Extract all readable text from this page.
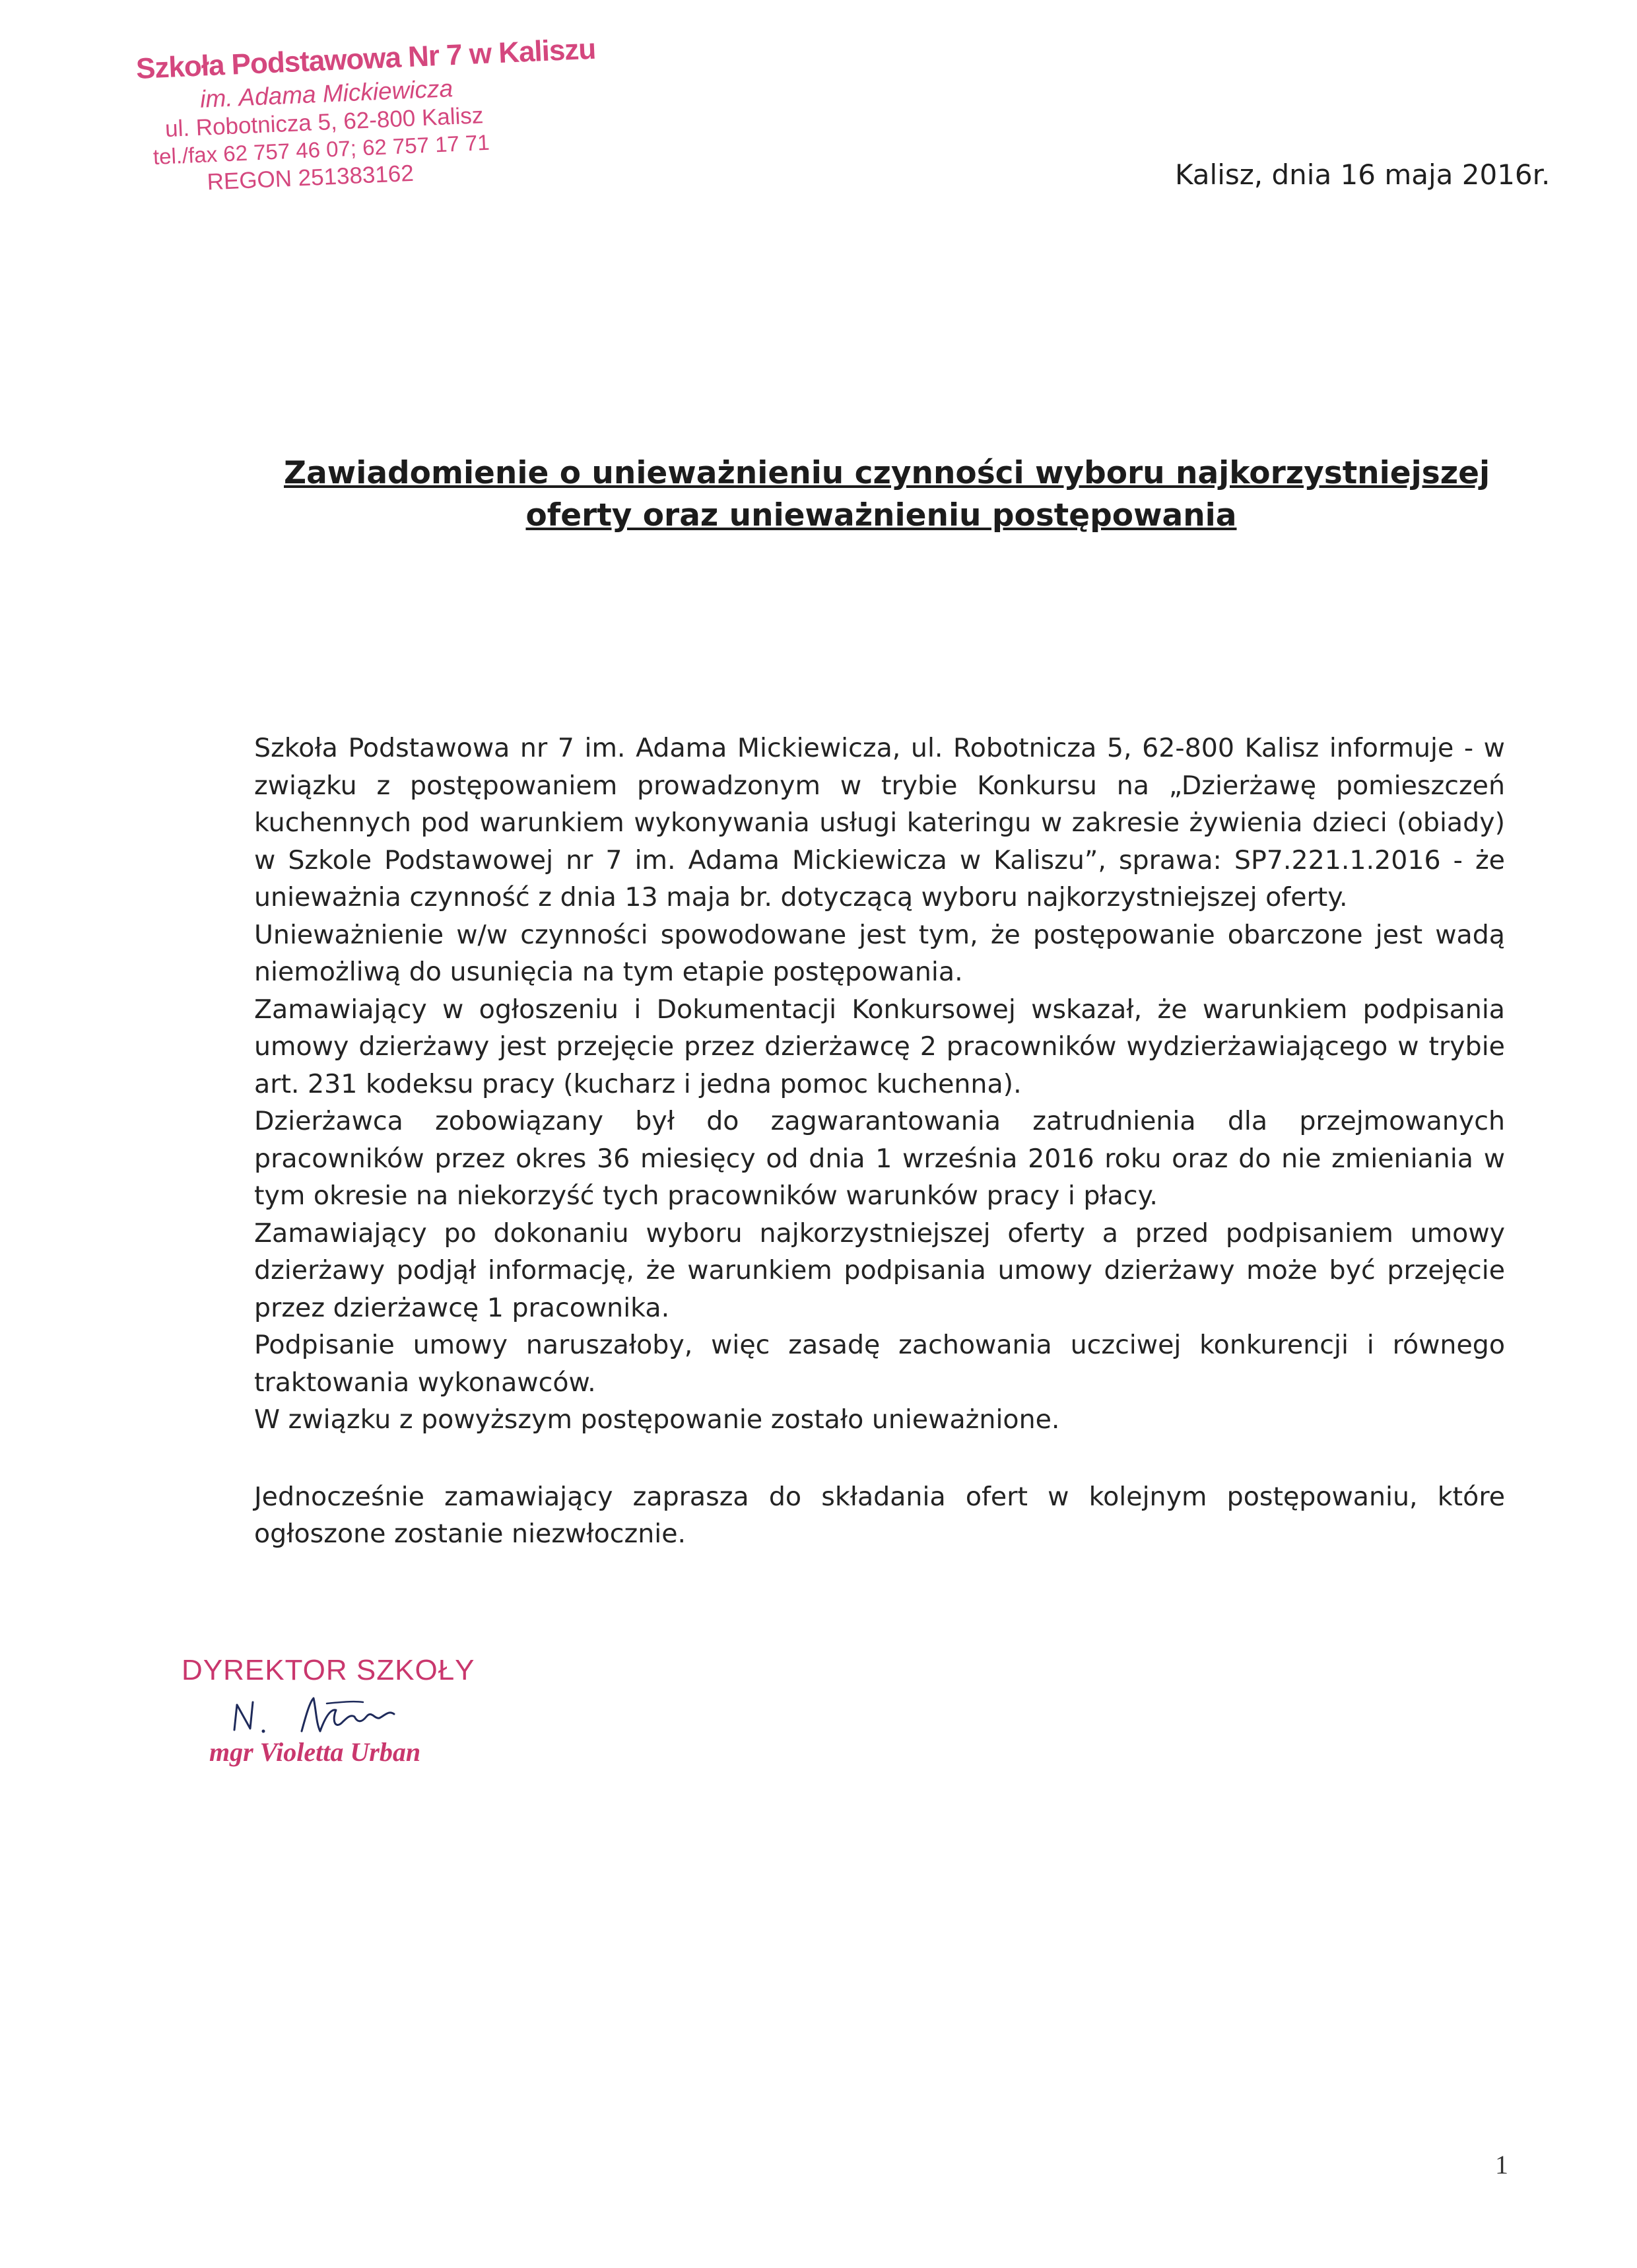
Szkoła Podstawowa Nr 7 w Kaliszu
im. Adama Mickiewicza
ul. Robotnicza 5, 62-800 Kalisz
tel./fax 62 757 46 07; 62 757 17 71
REGON 251383162	Kalisz, dnia 16 maja 2016r.
Zawiadomienie o unieważnieniu czynności wyboru najkorzystniejszej
oferty oraz unieważnieniu postępowania

Szkoła Podstawowa nr 7 im. Adama Mickiewicza, ul. Robotnicza 5, 62-800 Kalisz informuje - w związku z postępowaniem prowadzonym w trybie Konkursu na „Dzierżawę pomieszczeń kuchennych pod warunkiem wykonywania usługi kateringu w zakresie żywienia dzieci (obiady) w Szkole Podstawowej nr 7 im. Adama Mickiewicza w Kaliszu”, sprawa: SP7.221.1.2016 - że unieważnia czynność z dnia 13 maja br. dotyczącą wyboru najkorzystniejszej oferty.

Unieważnienie w/w czynności spowodowane jest tym, że postępowanie obarczone jest wadą niemożliwą do usunięcia na tym etapie postępowania.

Zamawiający w ogłoszeniu i Dokumentacji Konkursowej wskazał, że warunkiem podpisania umowy dzierżawy jest przejęcie przez dzierżawcę 2 pracowników wydzierżawiającego w trybie art. 231 kodeksu pracy (kucharz i jedna pomoc kuchenna).

Dzierżawca zobowiązany był do zagwarantowania zatrudnienia dla przejmowanych pracowników przez okres 36 miesięcy od dnia 1 września 2016 roku oraz do nie zmieniania w tym okresie na niekorzyść tych pracowników warunków pracy i płacy.

Zamawiający po dokonaniu wyboru najkorzystniejszej oferty a przed podpisaniem umowy dzierżawy podjął informację, że warunkiem podpisania umowy dzierżawy może być przejęcie przez dzierżawcę 1 pracownika.

Podpisanie umowy naruszałoby, więc zasadę zachowania uczciwej konkurencji i równego traktowania wykonawców.

W związku z powyższym postępowanie zostało unieważnione.

Jednocześnie zamawiający zaprasza do składania ofert w kolejnym postępowaniu, które ogłoszone zostanie niezwłocznie.

DYREKTOR SZKOŁY
mgr Violetta Urban
1
